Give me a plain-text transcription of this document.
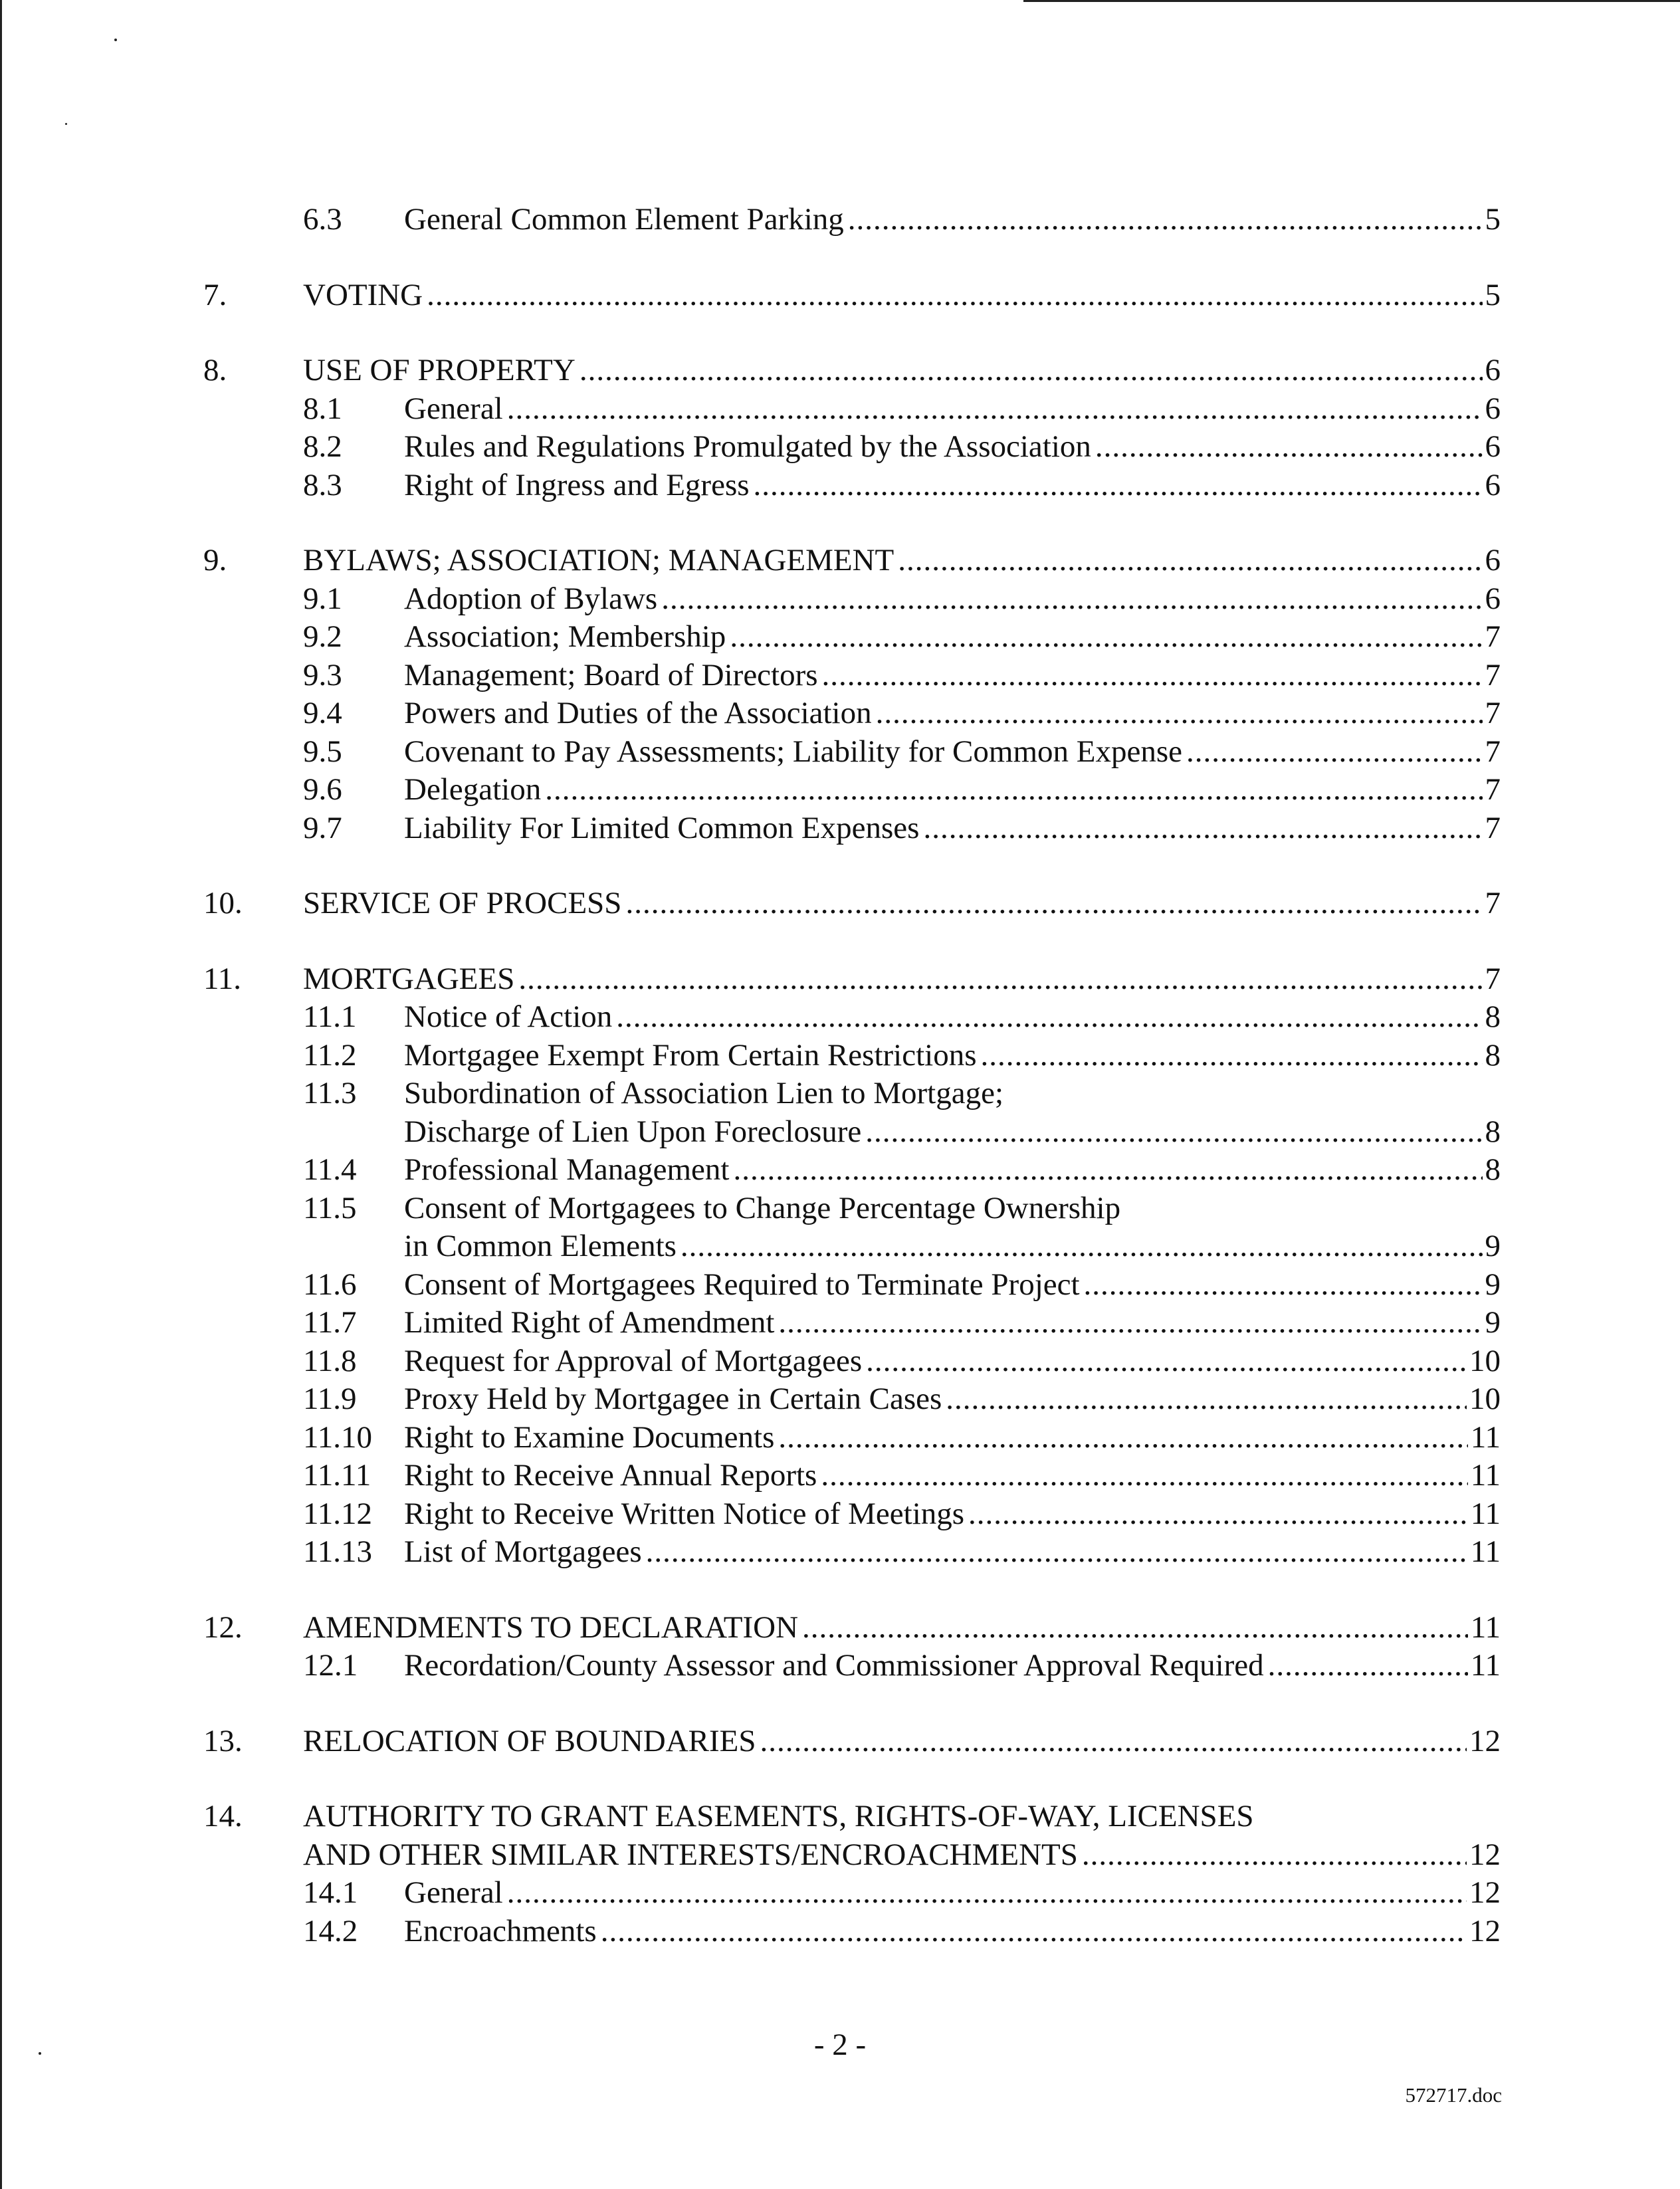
6.3 General Common Element Parking .....	5
7. VOTING .....	5
8. USE OF PROPERTY .....	6
8.1 General .....	6
8.2 Rules and Regulations Promulgated by the Association .....	6
8.3 Right of Ingress and Egress .....	6
9. BYLAWS; ASSOCIATION; MANAGEMENT .....	6
9.1 Adoption of Bylaws .....	6
9.2 Association; Membership .....	7
9.3 Management; Board of Directors .....	7
9.4 Powers and Duties of the Association .....	7
9.5 Covenant to Pay Assessments; Liability for Common Expense .....	7
9.6 Delegation .....	7
9.7 Liability For Limited Common Expenses .....	7
10. SERVICE OF PROCESS .....	7
11. MORTGAGEES .....	7
11.1 Notice of Action .....	8
11.2 Mortgagee Exempt From Certain Restrictions .....	8
11.3 Subordination of Association Lien to Mortgage;
Discharge of Lien Upon Foreclosure .....	8
11.4 Professional Management .....	8
11.5 Consent of Mortgagees to Change Percentage Ownership
in Common Elements .....	9
11.6 Consent of Mortgagees Required to Terminate Project .....	9
11.7 Limited Right of Amendment .....	9
11.8 Request for Approval of Mortgagees .....	10
11.9 Proxy Held by Mortgagee in Certain Cases .....	10
11.10 Right to Examine Documents .....	11
11.11 Right to Receive Annual Reports .....	11
11.12 Right to Receive Written Notice of Meetings .....	11
11.13 List of Mortgagees .....	11
12. AMENDMENTS TO DECLARATION .....	11
12.1 Recordation/County Assessor and Commissioner Approval Required .....	11
13. RELOCATION OF BOUNDARIES .....	12
14. AUTHORITY TO GRANT EASEMENTS, RIGHTS-OF-WAY, LICENSES
AND OTHER SIMILAR INTERESTS/ENCROACHMENTS .....	12
14.1 General .....	12
14.2 Encroachments .....	12
- 2 -
572717.doc
